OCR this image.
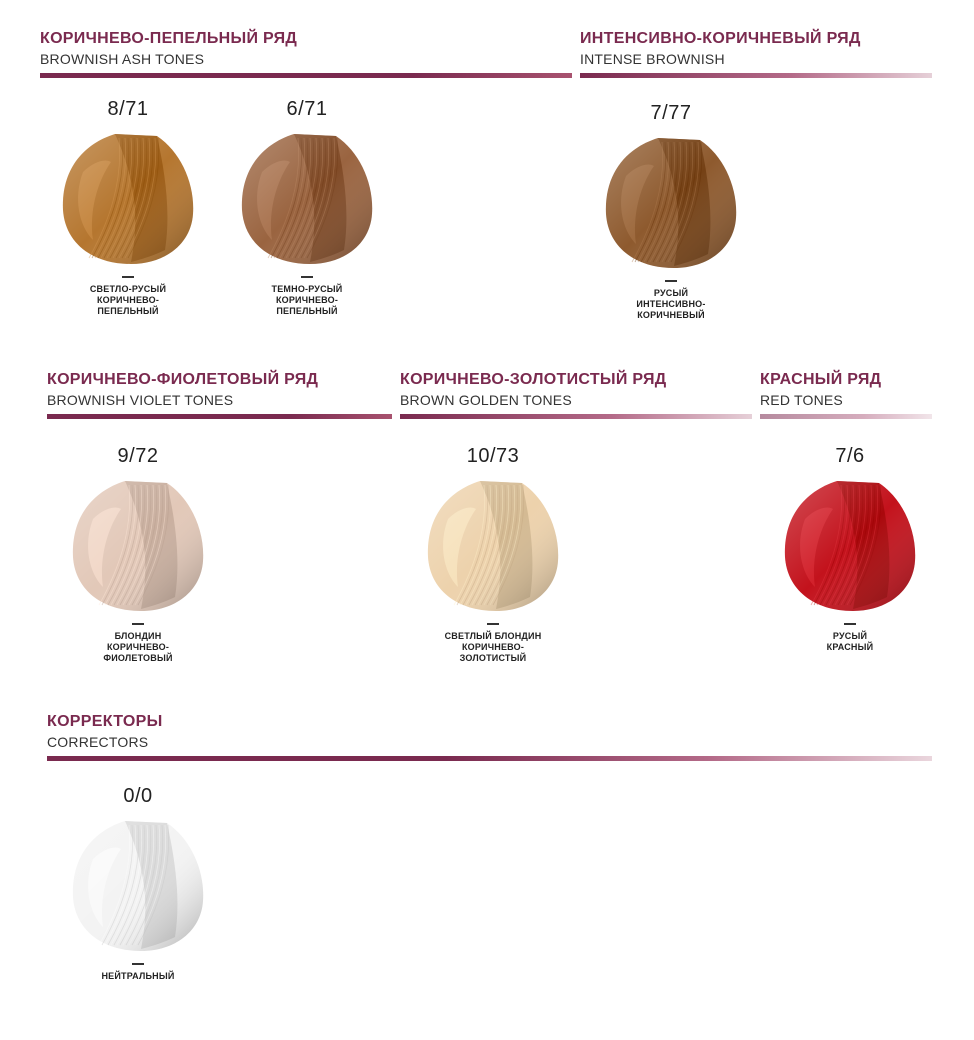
КОРИЧНЕВО-ПЕПЕЛЬНЫЙ РЯД
BROWNISH ASH TONES
ИНТЕНСИВНО-КОРИЧНЕВЫЙ РЯД
INTENSE BROWNISH
КОРИЧНЕВО-ФИОЛЕТОВЫЙ РЯД
BROWNISH VIOLET TONES
КОРИЧНЕВО-ЗОЛОТИСТЫЙ РЯД
BROWN GOLDEN TONES
КРАСНЫЙ РЯД
RED TONES
КОРРЕКТОРЫ
CORRECTORS
8/71
СВЕТЛО-РУСЫЙ
КОРИЧНЕВО-
ПЕПЕЛЬНЫЙ
6/71
ТЕМНО-РУСЫЙ
КОРИЧНЕВО-
ПЕПЕЛЬНЫЙ
7/77
РУСЫЙ
ИНТЕНСИВНО-
КОРИЧНЕВЫЙ
9/72
БЛОНДИН
КОРИЧНЕВО-
ФИОЛЕТОВЫЙ
10/73
СВЕТЛЫЙ БЛОНДИН
КОРИЧНЕВО-
ЗОЛОТИСТЫЙ
7/6
РУСЫЙ
КРАСНЫЙ
0/0
НЕЙТРАЛЬНЫЙ
